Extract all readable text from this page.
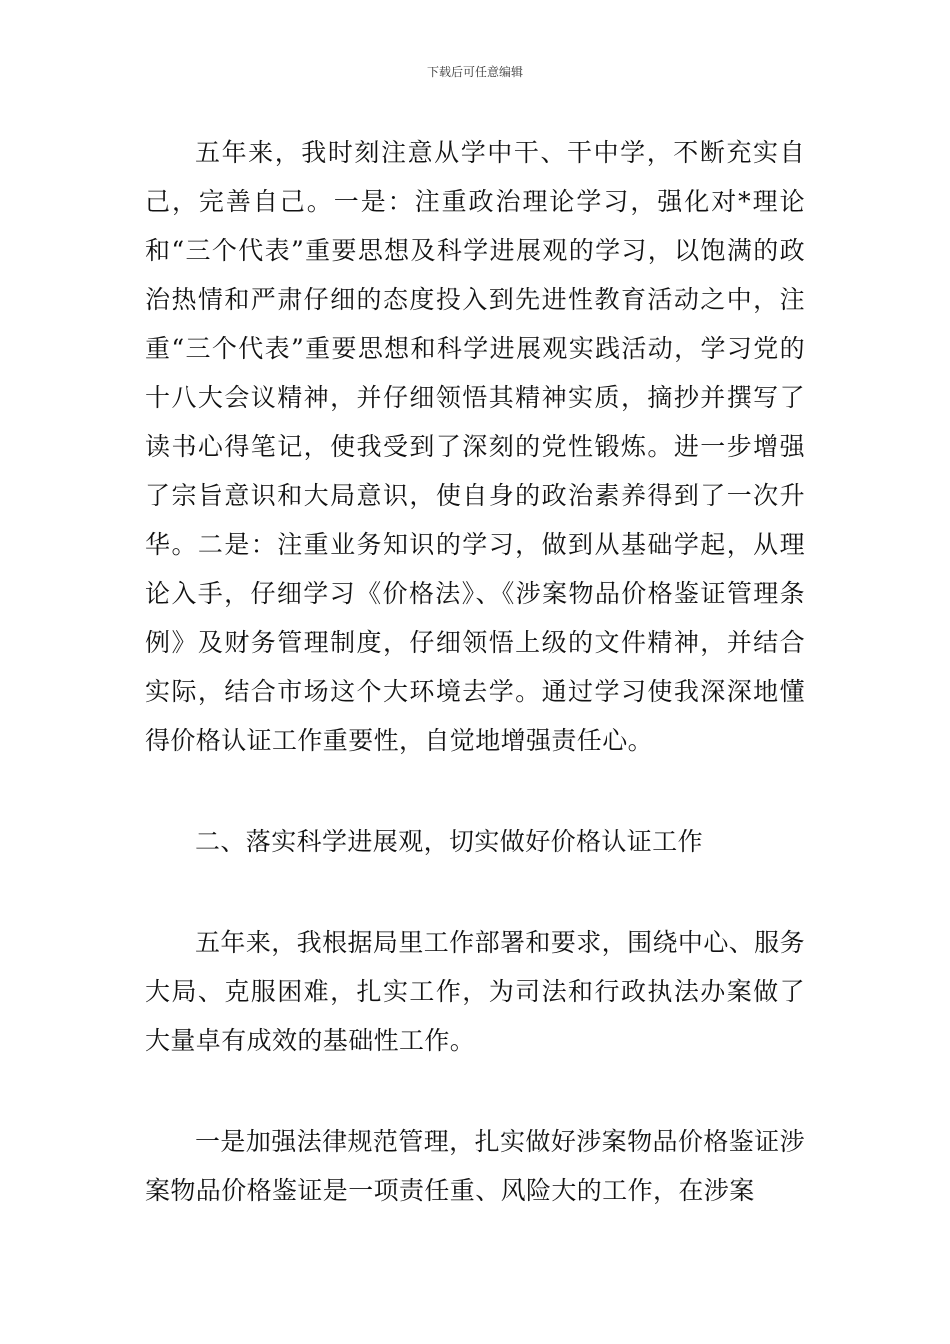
下载后可任意编辑

五年来，我时刻注意从学中干、干中学，不断充实自己，完善自己。一是：注重政治理论学习，强化对*理论和“三个代表”重要思想及科学进展观的学习，以饱满的政治热情和严肃仔细的态度投入到先进性教育活动之中，注重“三个代表”重要思想和科学进展观实践活动，学习党的十八大会议精神，并仔细领悟其精神实质，摘抄并撰写了读书心得笔记，使我受到了深刻的党性锻炼。进一步增强了宗旨意识和大局意识，使自身的政治素养得到了一次升华。二是：注重业务知识的学习，做到从基础学起，从理论入手，仔细学习《价格法》、《涉案物品价格鉴证管理条例》及财务管理制度，仔细领悟上级的文件精神，并结合实际，结合市场这个大环境去学。通过学习使我深深地懂得价格认证工作重要性，自觉地增强责任心。

二、落实科学进展观，切实做好价格认证工作

五年来，我根据局里工作部署和要求，围绕中心、服务大局、克服困难，扎实工作，为司法和行政执法办案做了大量卓有成效的基础性工作。

一是加强法律规范管理，扎实做好涉案物品价格鉴证涉案物品价格鉴证是一项责任重、风险大的工作，在涉案
